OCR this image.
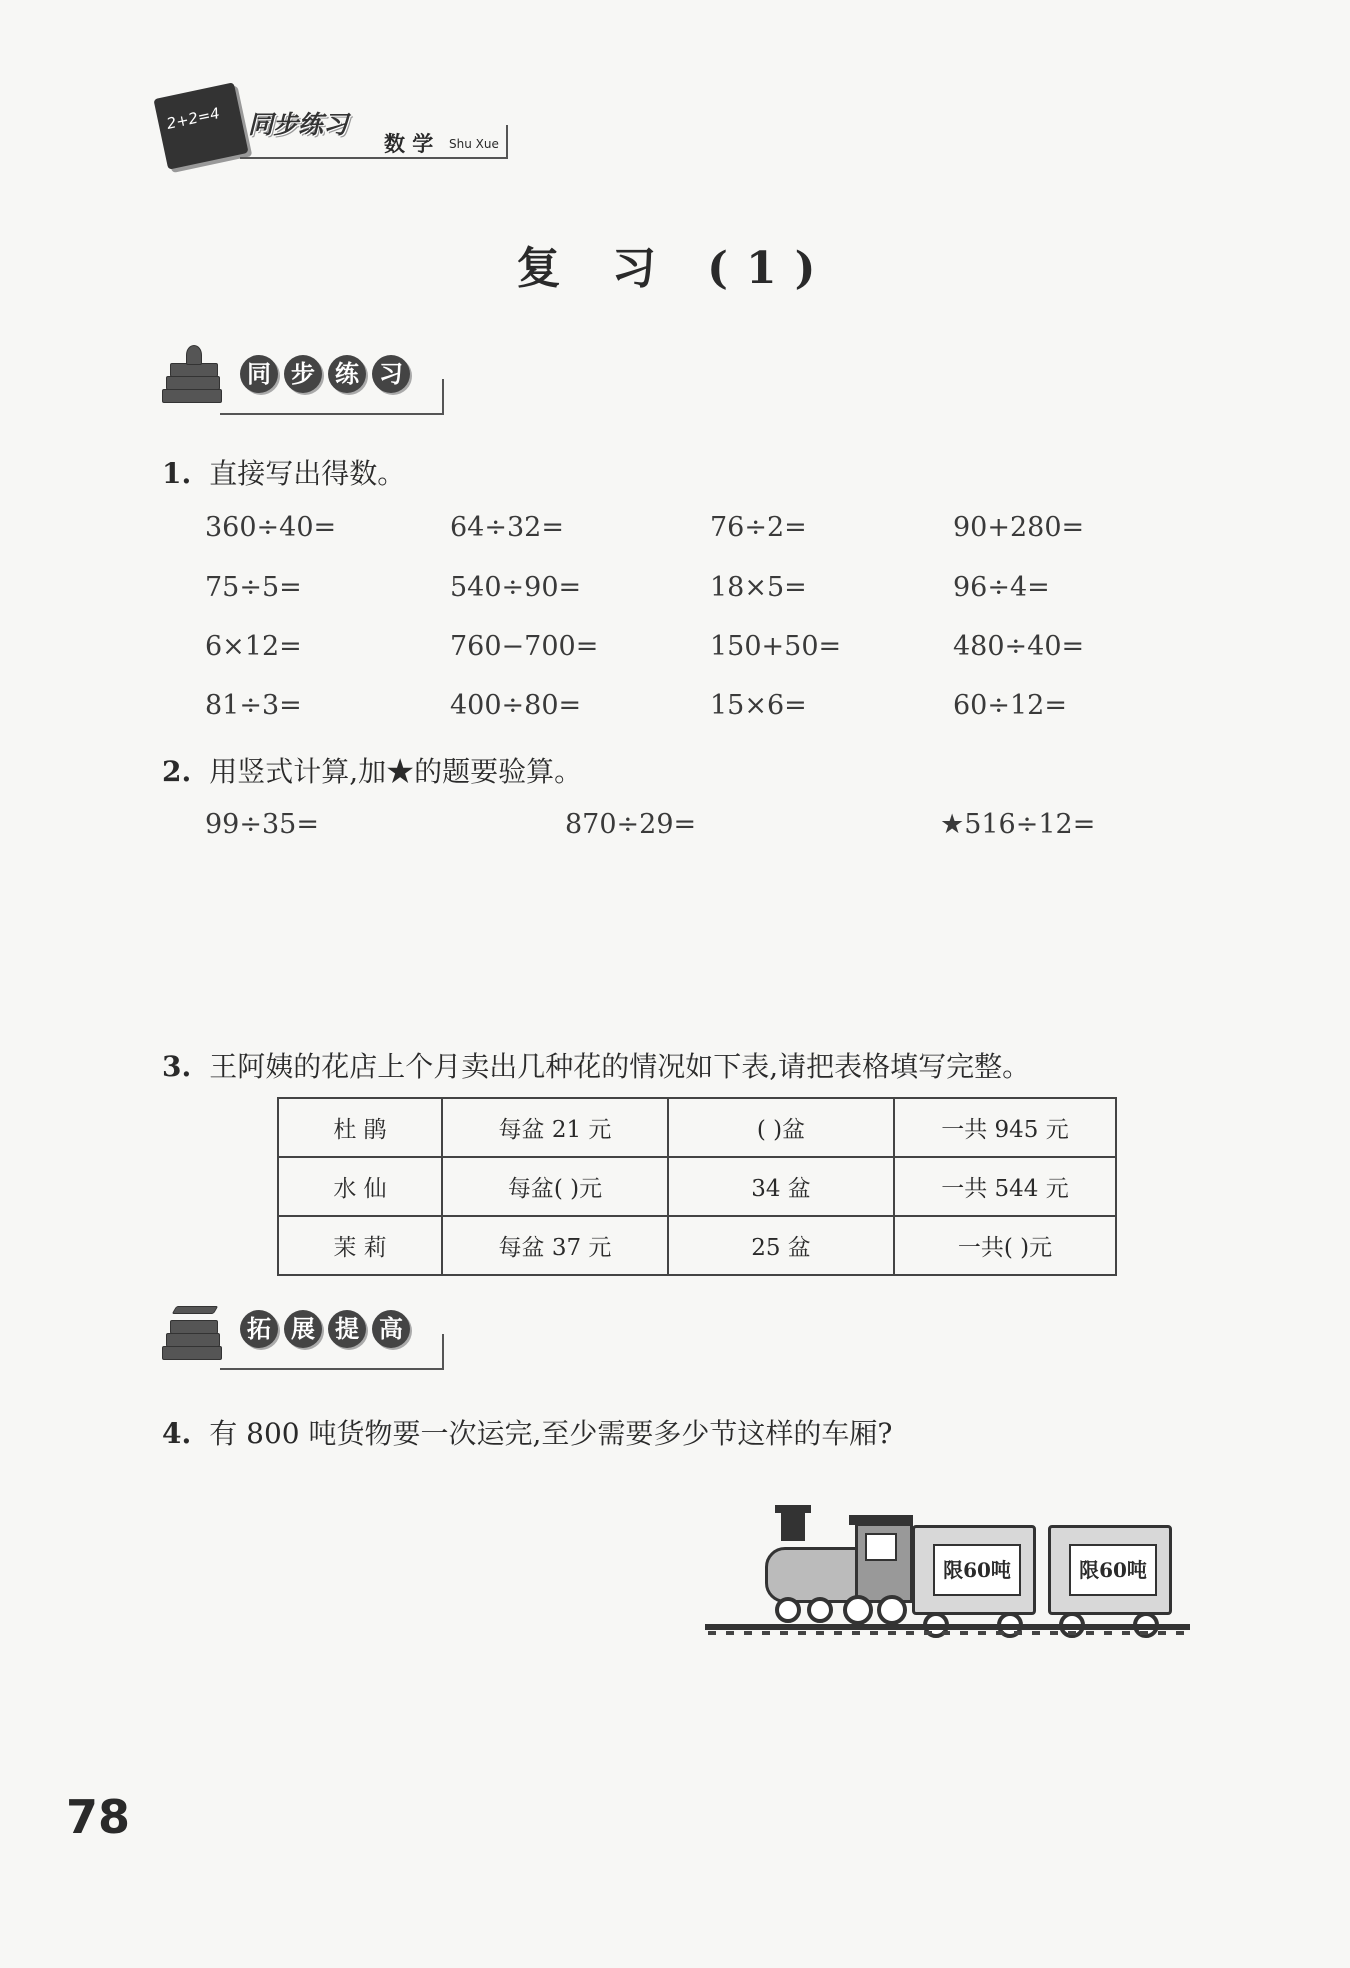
2+2=4 同步练习
数 学 Shu Xue
复 习 (1)
同 步 练 习
1. 直接写出得数。
360÷40=	64÷32=	76÷2=	90+280=
75÷5=	540÷90=	18×5=	96÷4=
6×12=	760−700=	150+50=	480÷40=
81÷3=	400÷80=	15×6=	60÷12=
2. 用竖式计算,加★的题要验算。
99÷35=	870÷29=	★516÷12=
3. 王阿姨的花店上个月卖出几种花的情况如下表,请把表格填写完整。
杜 鹃	每盆 21 元	( )盆	一共 945 元
水 仙	每盆( )元	34 盆	一共 544 元
茉 莉	每盆 37 元	25 盆	一共( )元
拓 展 提 高
4. 有 800 吨货物要一次运完,至少需要多少节这样的车厢?
限60吨	限60吨
78
